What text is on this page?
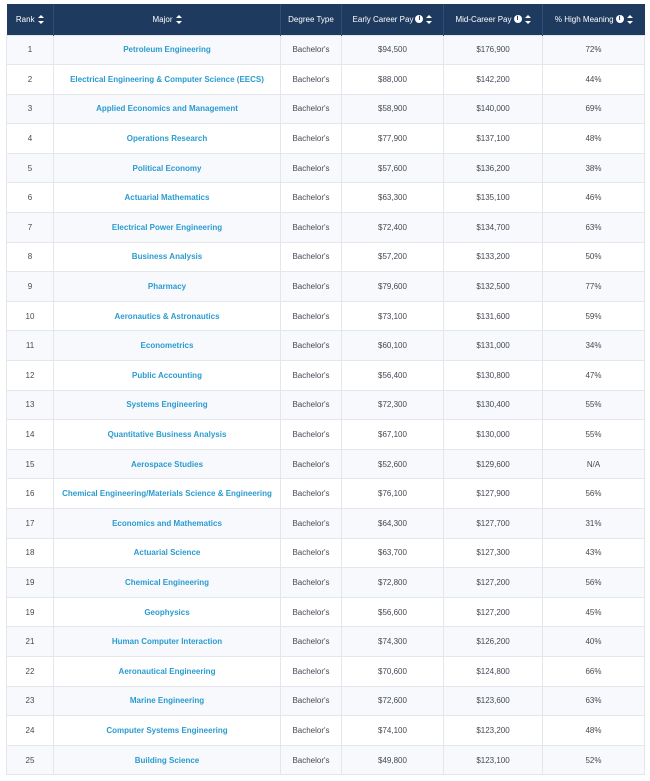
Rank	Major	Degree Type	Early Career Pay i	Mid-Career Pay i	% High Meaning i
1	Petroleum Engineering	Bachelor's	$94,500	$176,900	72%
2	Electrical Engineering & Computer Science (EECS)	Bachelor's	$88,000	$142,200	44%
3	Applied Economics and Management	Bachelor's	$58,900	$140,000	69%
4	Operations Research	Bachelor's	$77,900	$137,100	48%
5	Political Economy	Bachelor's	$57,600	$136,200	38%
6	Actuarial Mathematics	Bachelor's	$63,300	$135,100	46%
7	Electrical Power Engineering	Bachelor's	$72,400	$134,700	63%
8	Business Analysis	Bachelor's	$57,200	$133,200	50%
9	Pharmacy	Bachelor's	$79,600	$132,500	77%
10	Aeronautics & Astronautics	Bachelor's	$73,100	$131,600	59%
11	Econometrics	Bachelor's	$60,100	$131,000	34%
12	Public Accounting	Bachelor's	$56,400	$130,800	47%
13	Systems Engineering	Bachelor's	$72,300	$130,400	55%
14	Quantitative Business Analysis	Bachelor's	$67,100	$130,000	55%
15	Aerospace Studies	Bachelor's	$52,600	$129,600	N/A
16	Chemical Engineering/Materials Science & Engineering	Bachelor's	$76,100	$127,900	56%
17	Economics and Mathematics	Bachelor's	$64,300	$127,700	31%
18	Actuarial Science	Bachelor's	$63,700	$127,300	43%
19	Chemical Engineering	Bachelor's	$72,800	$127,200	56%
19	Geophysics	Bachelor's	$56,600	$127,200	45%
21	Human Computer Interaction	Bachelor's	$74,300	$126,200	40%
22	Aeronautical Engineering	Bachelor's	$70,600	$124,800	66%
23	Marine Engineering	Bachelor's	$72,600	$123,600	63%
24	Computer Systems Engineering	Bachelor's	$74,100	$123,200	48%
25	Building Science	Bachelor's	$49,800	$123,100	52%
